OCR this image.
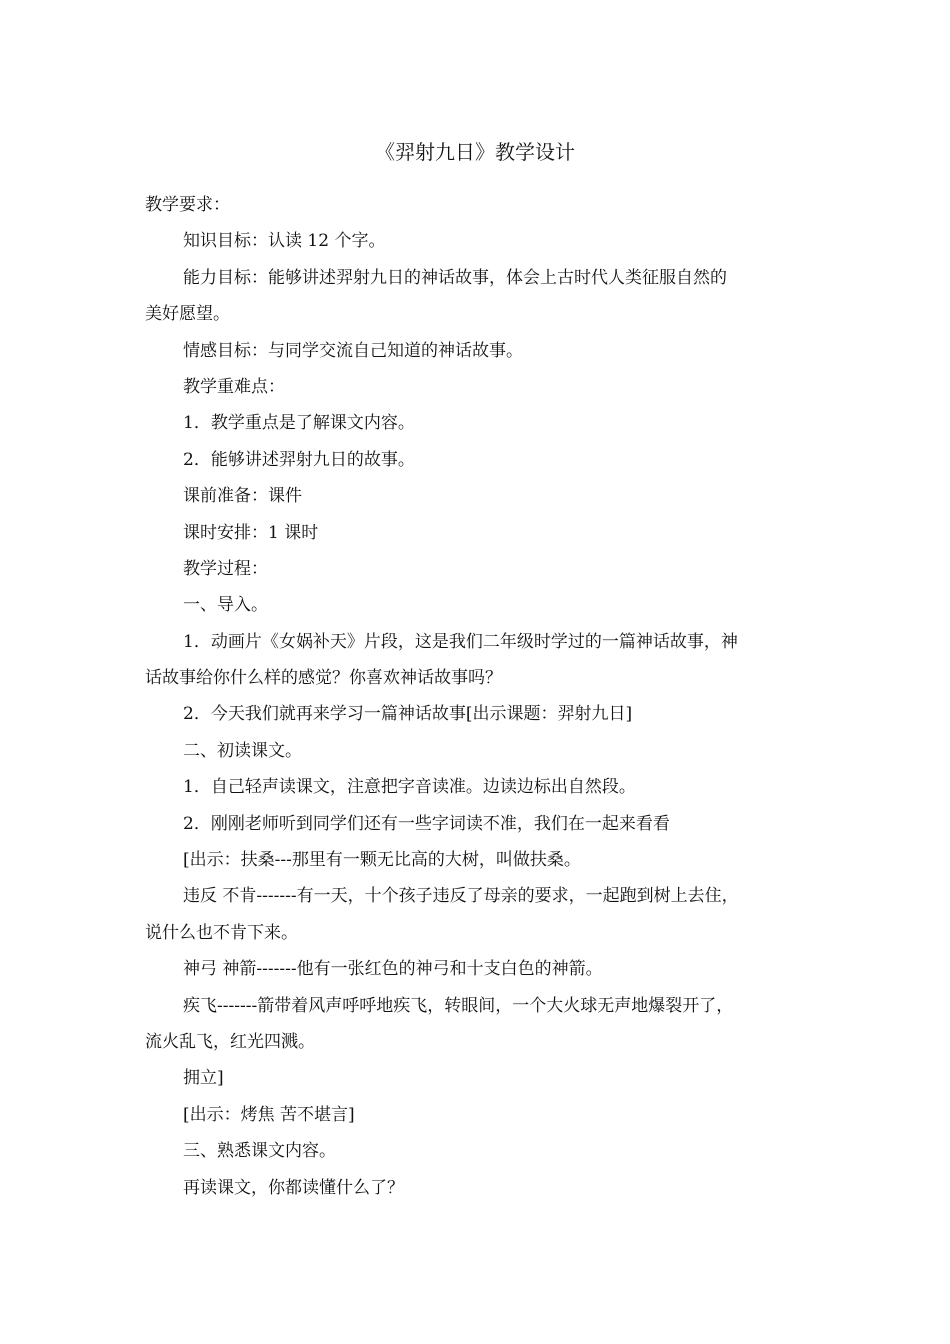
《羿射九日》教学设计
教学要求：
知识目标：认读 12 个字。
能力目标：能够讲述羿射九日的神话故事，体会上古时代人类征服自然的
美好愿望。
情感目标：与同学交流自己知道的神话故事。
教学重难点：
1．教学重点是了解课文内容。
2．能够讲述羿射九日的故事。
课前准备：课件
课时安排：1 课时
教学过程：
一、导入。
1．动画片《女娲补天》片段，这是我们二年级时学过的一篇神话故事，神
话故事给你什么样的感觉？你喜欢神话故事吗？
2．今天我们就再来学习一篇神话故事[出示课题：羿射九日]
二、初读课文。
1．自己轻声读课文，注意把字音读准。边读边标出自然段。
2．刚刚老师听到同学们还有一些字词读不准，我们在一起来看看
[出示：扶桑---那里有一颗无比高的大树，叫做扶桑。
违反 不肯-------有一天，十个孩子违反了母亲的要求，一起跑到树上去住，
说什么也不肯下来。
神弓 神箭-------他有一张红色的神弓和十支白色的神箭。
疾飞-------箭带着风声呼呼地疾飞，转眼间，一个大火球无声地爆裂开了，
流火乱飞，红光四溅。
拥立]
[出示：烤焦 苦不堪言]
三、熟悉课文内容。
再读课文，你都读懂什么了？
